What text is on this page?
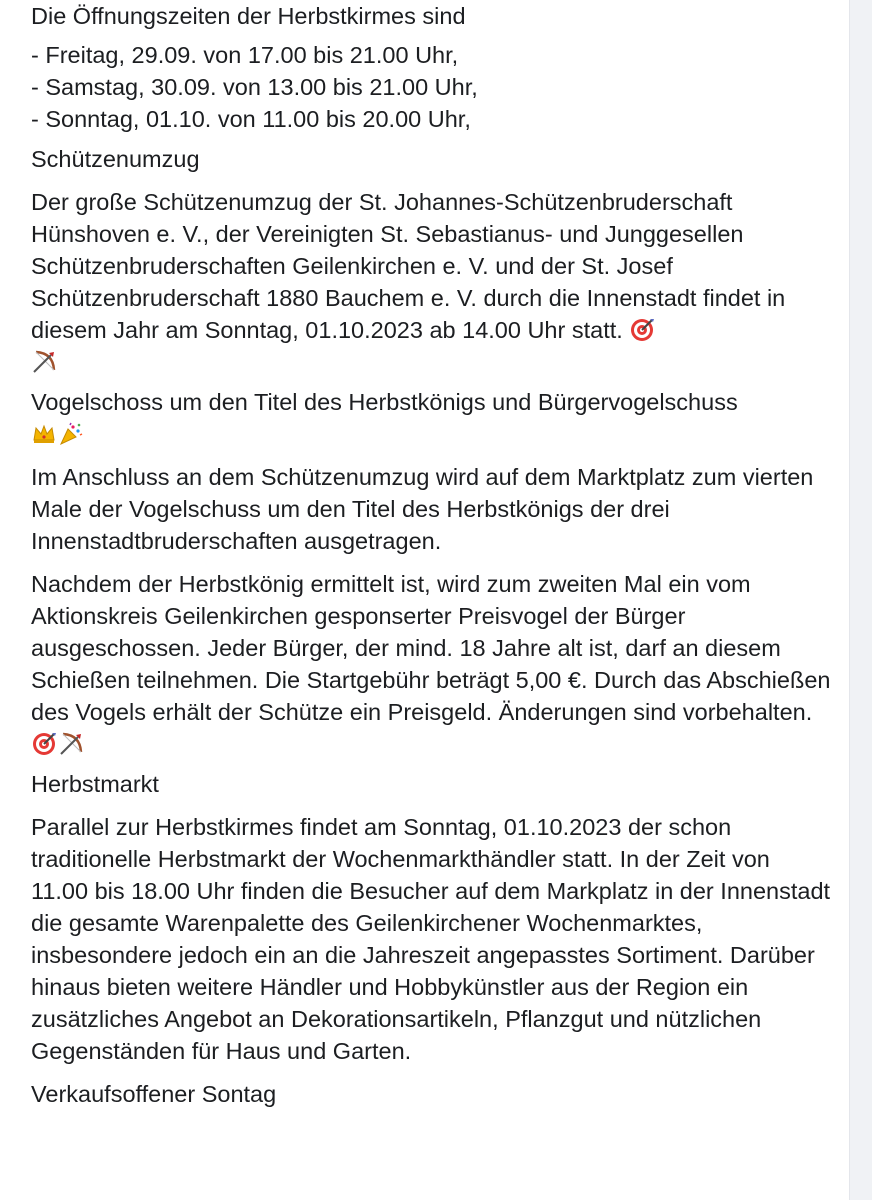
Die Öffnungszeiten der Herbstkirmes sind

- Freitag, 29.09. von 17.00 bis 21.00 Uhr,
- Samstag, 30.09. von 13.00 bis 21.00 Uhr,
- Sonntag, 01.10. von 11.00 bis 20.00 Uhr,

Schützenumzug

Der große Schützenumzug der St. Johannes-Schützenbruderschaft Hünshoven e. V., der Vereinigten St. Sebastianus- und Junggesellen Schützenbruderschaften Geilenkirchen e. V. und der St. Josef Schützenbruderschaft 1880 Bauchem e. V. durch die Innenstadt findet in diesem Jahr am Sonntag, 01.10.2023 ab 14.00 Uhr statt.

Vogelschoss um den Titel des Herbstkönigs und Bürgervogelschuss

Im Anschluss an dem Schützenumzug wird auf dem Marktplatz zum vierten Male der Vogelschuss um den Titel des Herbstkönigs der drei Innenstadtbruderschaften ausgetragen.

Nachdem der Herbstkönig ermittelt ist, wird zum zweiten Mal ein vom Aktionskreis Geilenkirchen gesponserter Preisvogel der Bürger ausgeschossen. Jeder Bürger, der mind. 18 Jahre alt ist, darf an diesem Schießen teilnehmen. Die Startgebühr beträgt 5,00 €. Durch das Abschießen des Vogels erhält der Schütze ein Preisgeld. Änderungen sind vorbehalten.

Herbstmarkt

Parallel zur Herbstkirmes findet am Sonntag, 01.10.2023 der schon traditionelle Herbstmarkt der Wochenmarkthändler statt. In der Zeit von 11.00 bis 18.00 Uhr finden die Besucher auf dem Markplatz in der Innenstadt die gesamte Warenpalette des Geilenkirchener Wochenmarktes, insbesondere jedoch ein an die Jahreszeit angepasstes Sortiment. Darüber hinaus bieten weitere Händler und Hobbykünstler aus der Region ein zusätzliches Angebot an Dekorationsartikeln, Pflanzgut und nützlichen Gegenständen für Haus und Garten.

Verkaufsoffener Sontag
